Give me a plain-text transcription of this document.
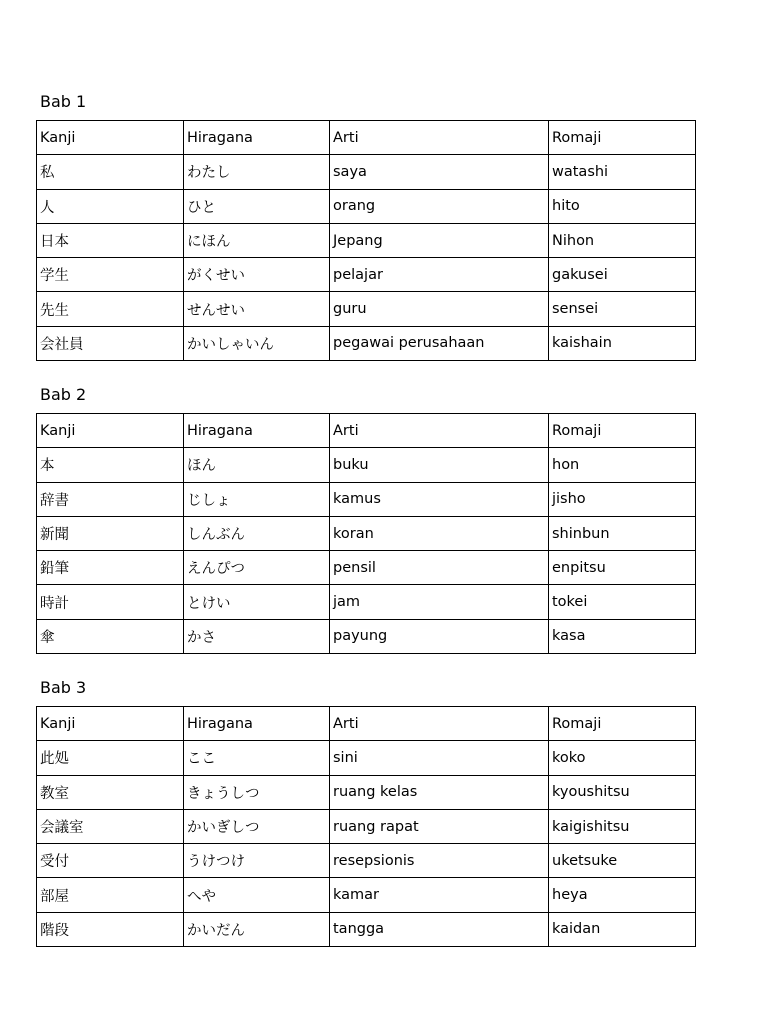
Bab 1
Kanji	Hiragana	Arti	Romaji
私	わたし	saya	watashi
人	ひと	orang	hito
日本	にほん	Jepang	Nihon
学生	がくせい	pelajar	gakusei
先生	せんせい	guru	sensei
会社員	かいしゃいん	pegawai perusahaan	kaishain
Bab 2
Kanji	Hiragana	Arti	Romaji
本	ほん	buku	hon
辞書	じしょ	kamus	jisho
新聞	しんぶん	koran	shinbun
鉛筆	えんぴつ	pensil	enpitsu
時計	とけい	jam	tokei
傘	かさ	payung	kasa
Bab 3
Kanji	Hiragana	Arti	Romaji
此処	ここ	sini	koko
教室	きょうしつ	ruang kelas	kyoushitsu
会議室	かいぎしつ	ruang rapat	kaigishitsu
受付	うけつけ	resepsionis	uketsuke
部屋	へや	kamar	heya
階段	かいだん	tangga	kaidan
